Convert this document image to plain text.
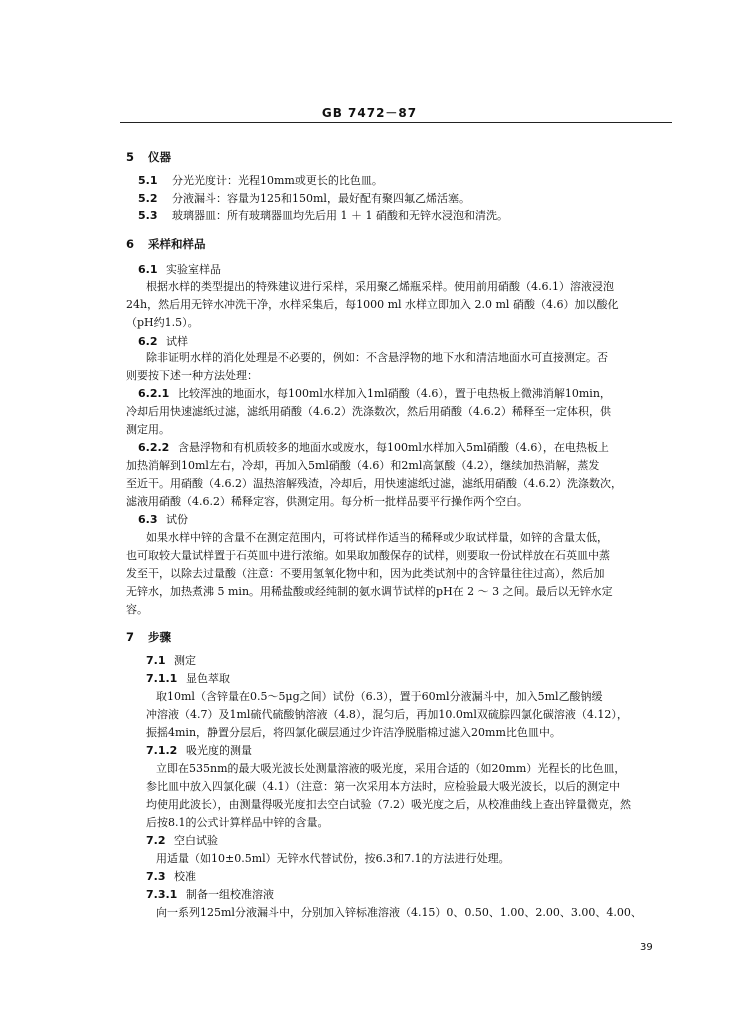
GB 7472－87
5 仪器
5.1 分光光度计：光程10mm或更长的比色皿。
5.2 分液漏斗：容量为125和150ml，最好配有聚四氟乙烯活塞。
5.3 玻璃器皿：所有玻璃器皿均先后用 1 ＋ 1 硝酸和无锌水浸泡和清洗。
6 采样和样品
6.1 实验室样品
根据水样的类型提出的特殊建议进行采样，采用聚乙烯瓶采样。使用前用硝酸（4.6.1）溶液浸泡
24h，然后用无锌水冲洗干净，水样采集后，每1000 ml 水样立即加入 2.0 ml 硝酸（4.6）加以酸化
（pH约1.5）。
6.2 试样
除非证明水样的消化处理是不必要的，例如：不含悬浮物的地下水和清洁地面水可直接测定。否
则要按下述一种方法处理：
6.2.1 比较浑浊的地面水，每100ml水样加入1ml硝酸（4.6），置于电热板上微沸消解10min，
冷却后用快速滤纸过滤，滤纸用硝酸（4.6.2）洗涤数次，然后用硝酸（4.6.2）稀释至一定体积，供
测定用。
6.2.2 含悬浮物和有机质较多的地面水或废水，每100ml水样加入5ml硝酸（4.6），在电热板上
加热消解到10ml左右，冷却，再加入5ml硝酸（4.6）和2ml高氯酸（4.2），继续加热消解，蒸发
至近干。用硝酸（4.6.2）温热溶解残渣，冷却后，用快速滤纸过滤，滤纸用硝酸（4.6.2）洗涤数次，
滤液用硝酸（4.6.2）稀释定容，供测定用。每分析一批样品要平行操作两个空白。
6.3 试份
如果水样中锌的含量不在测定范围内，可将试样作适当的稀释或少取试样量，如锌的含量太低，
也可取较大量试样置于石英皿中进行浓缩。如果取加酸保存的试样，则要取一份试样放在石英皿中蒸
发至干，以除去过量酸（注意：不要用氢氧化物中和，因为此类试剂中的含锌量往往过高），然后加
无锌水，加热煮沸 5 min。用稀盐酸或经纯制的氨水调节试样的pH在 2 ～ 3 之间。最后以无锌水定
容。
7 步骤
7.1 测定
7.1.1 显色萃取
取10ml（含锌量在0.5～5μg之间）试份（6.3），置于60ml分液漏斗中，加入5ml乙酸钠缓
冲溶液（4.7）及1ml硫代硫酸钠溶液（4.8），混匀后，再加10.0ml双硫腙四氯化碳溶液（4.12），
振摇4min，静置分层后，将四氯化碳层通过少许洁净脱脂棉过滤入20mm比色皿中。
7.1.2 吸光度的测量
立即在535nm的最大吸光波长处测量溶液的吸光度，采用合适的（如20mm）光程长的比色皿，
参比皿中放入四氯化碳（4.1）（注意：第一次采用本方法时，应检验最大吸光波长，以后的测定中
均使用此波长），由测量得吸光度扣去空白试验（7.2）吸光度之后，从校准曲线上查出锌量微克，然
后按8.1的公式计算样品中锌的含量。
7.2 空白试验
用适量（如10±0.5ml）无锌水代替试份，按6.3和7.1的方法进行处理。
7.3 校准
7.3.1 制备一组校准溶液
向一系列125ml分液漏斗中，分别加入锌标准溶液（4.15）0、0.50、1.00、2.00、3.00、4.00、
39
